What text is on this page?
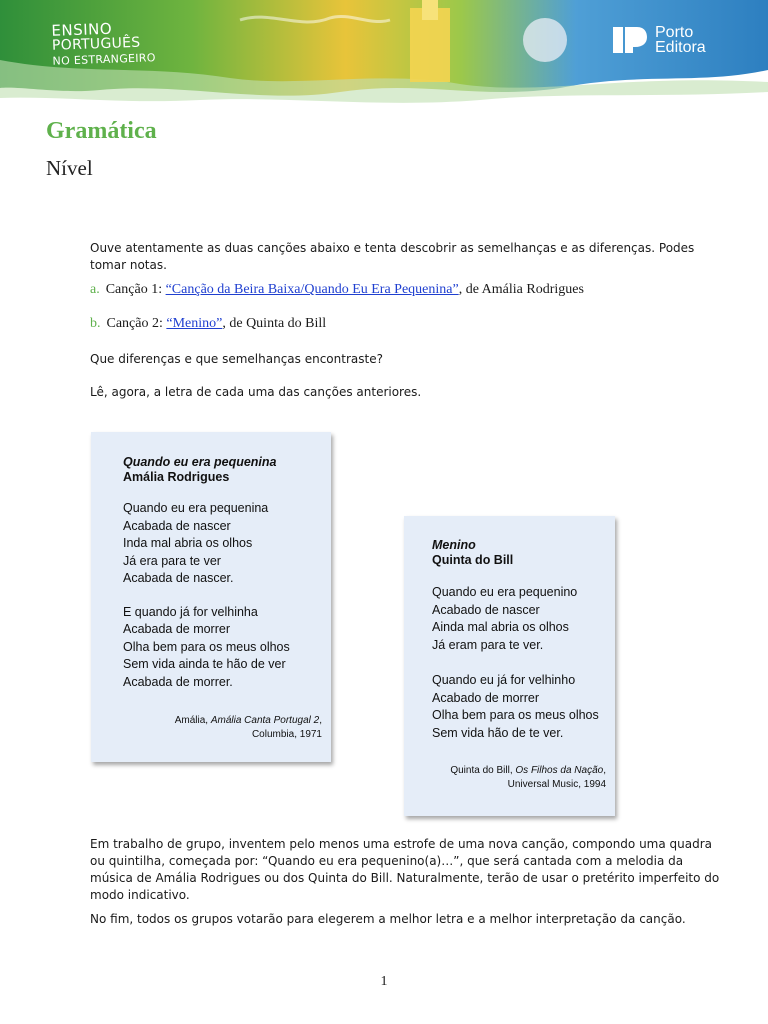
ENSINO
PORTUGUÊS
NO ESTRANGEIRO
Porto
Editora
Gramática
Nível
Ouve atentamente as duas canções abaixo e tenta descobrir as semelhanças e as diferenças. Podes tomar notas.
a. Canção 1: “Canção da Beira Baixa/Quando Eu Era Pequenina”, de Amália Rodrigues
b. Canção 2: “Menino”, de Quinta do Bill
Que diferenças e que semelhanças encontraste?
Lê, agora, a letra de cada uma das canções anteriores.
Quando eu era pequenina
Amália Rodrigues
Quando eu era pequenina
Acabada de nascer
Inda mal abria os olhos
Já era para te ver
Acabada de nascer.
E quando já for velhinha
Acabada de morrer
Olha bem para os meus olhos
Sem vida ainda te hão de ver
Acabada de morrer.
Amália, Amália Canta Portugal 2,
Columbia, 1971
Menino
Quinta do Bill
Quando eu era pequenino
Acabado de nascer
Ainda mal abria os olhos
Já eram para te ver.
Quando eu já for velhinho
Acabado de morrer
Olha bem para os meus olhos
Sem vida hão de te ver.
Quinta do Bill, Os Filhos da Nação,
Universal Music, 1994
Em trabalho de grupo, inventem pelo menos uma estrofe de uma nova canção, compondo uma quadra ou quintilha, começada por: “Quando eu era pequenino(a)…”, que será cantada com a melodia da música de Amália Rodrigues ou dos Quinta do Bill. Naturalmente, terão de usar o pretérito imperfeito do modo indicativo.
No fim, todos os grupos votarão para elegerem a melhor letra e a melhor interpretação da canção.
1
